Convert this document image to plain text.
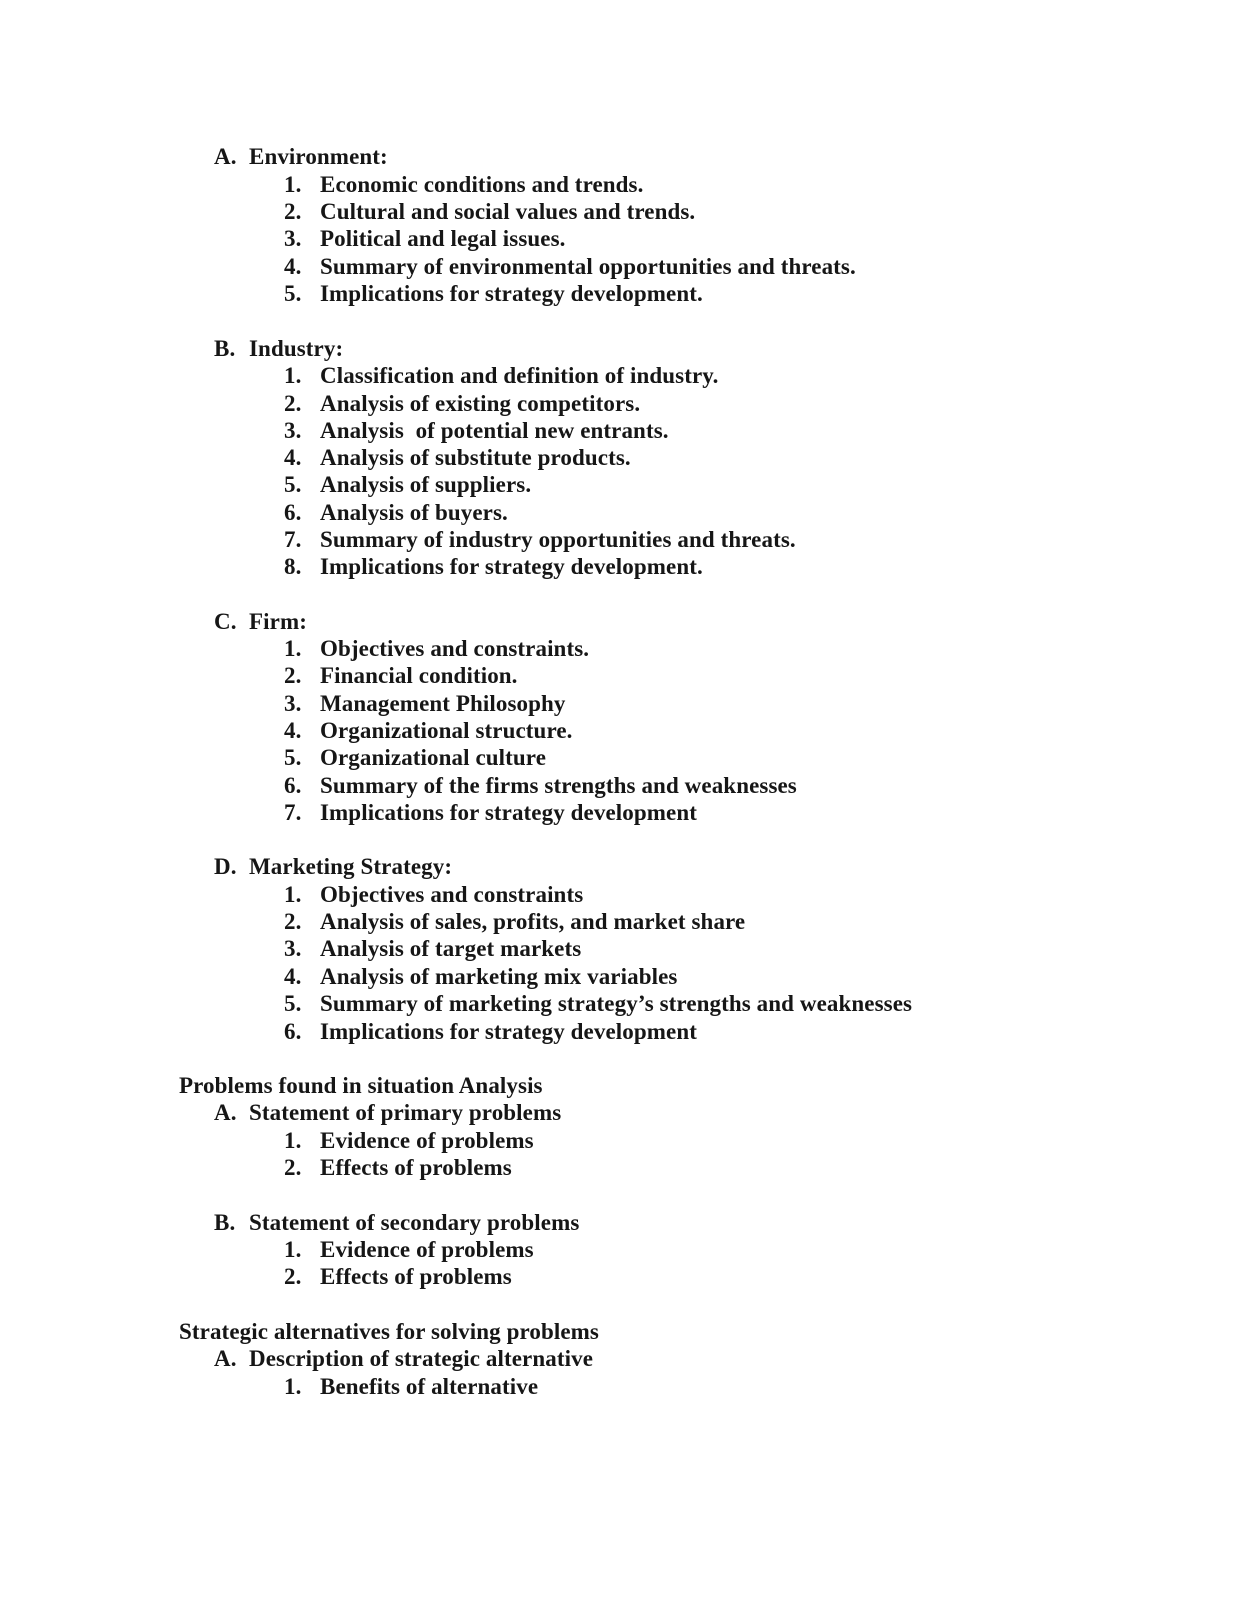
A. Environment:
1. Economic conditions and trends.
2. Cultural and social values and trends.
3. Political and legal issues.
4. Summary of environmental opportunities and threats.
5. Implications for strategy development.
B. Industry:
1. Classification and definition of industry.
2. Analysis of existing competitors.
3. Analysis  of potential new entrants.
4. Analysis of substitute products.
5. Analysis of suppliers.
6. Analysis of buyers.
7. Summary of industry opportunities and threats.
8. Implications for strategy development.
C. Firm:
1. Objectives and constraints.
2. Financial condition.
3. Management Philosophy
4. Organizational structure.
5. Organizational culture
6. Summary of the firms strengths and weaknesses
7. Implications for strategy development
D. Marketing Strategy:
1. Objectives and constraints
2. Analysis of sales, profits, and market share
3. Analysis of target markets
4. Analysis of marketing mix variables
5. Summary of marketing strategy’s strengths and weaknesses
6. Implications for strategy development
Problems found in situation Analysis
A. Statement of primary problems
1. Evidence of problems
2. Effects of problems
B. Statement of secondary problems
1. Evidence of problems
2. Effects of problems
Strategic alternatives for solving problems
A. Description of strategic alternative
1. Benefits of alternative
